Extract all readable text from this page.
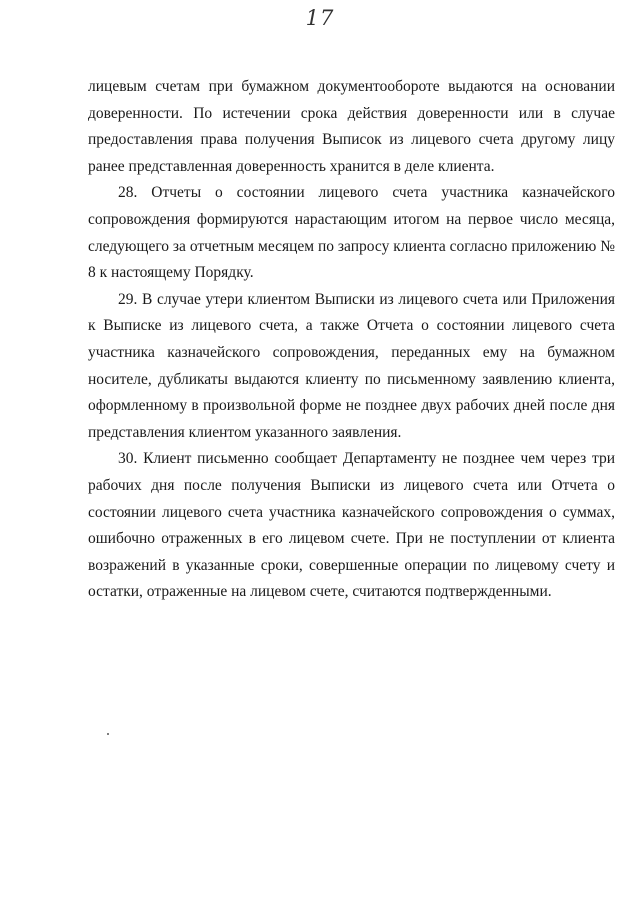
17

лицевым счетам при бумажном документообороте выдаются на основании доверенности. По истечении срока действия доверенности или в случае предоставления права получения Выписок из лицевого счета другому лицу ранее представленная доверенность хранится в деле клиента.

28. Отчеты о состоянии лицевого счета участника казначейского сопровождения формируются нарастающим итогом на первое число месяца, следующего за отчетным месяцем по запросу клиента согласно приложению № 8 к настоящему Порядку.

29. В случае утери клиентом Выписки из лицевого счета или Приложения к Выписке из лицевого счета, а также Отчета о состоянии лицевого счета участника казначейского сопровождения, переданных ему на бумажном носителе, дубликаты выдаются клиенту по письменному заявлению клиента, оформленному в произвольной форме не позднее двух рабочих дней после дня представления клиентом указанного заявления.

30. Клиент письменно сообщает Департаменту не позднее чем через три рабочих дня после получения Выписки из лицевого счета или Отчета о состоянии лицевого счета участника казначейского сопровождения о суммах, ошибочно отраженных в его лицевом счете. При не поступлении от клиента возражений в указанные сроки, совершенные операции по лицевому счету и остатки, отраженные на лицевом счете, считаются подтвержденными.
